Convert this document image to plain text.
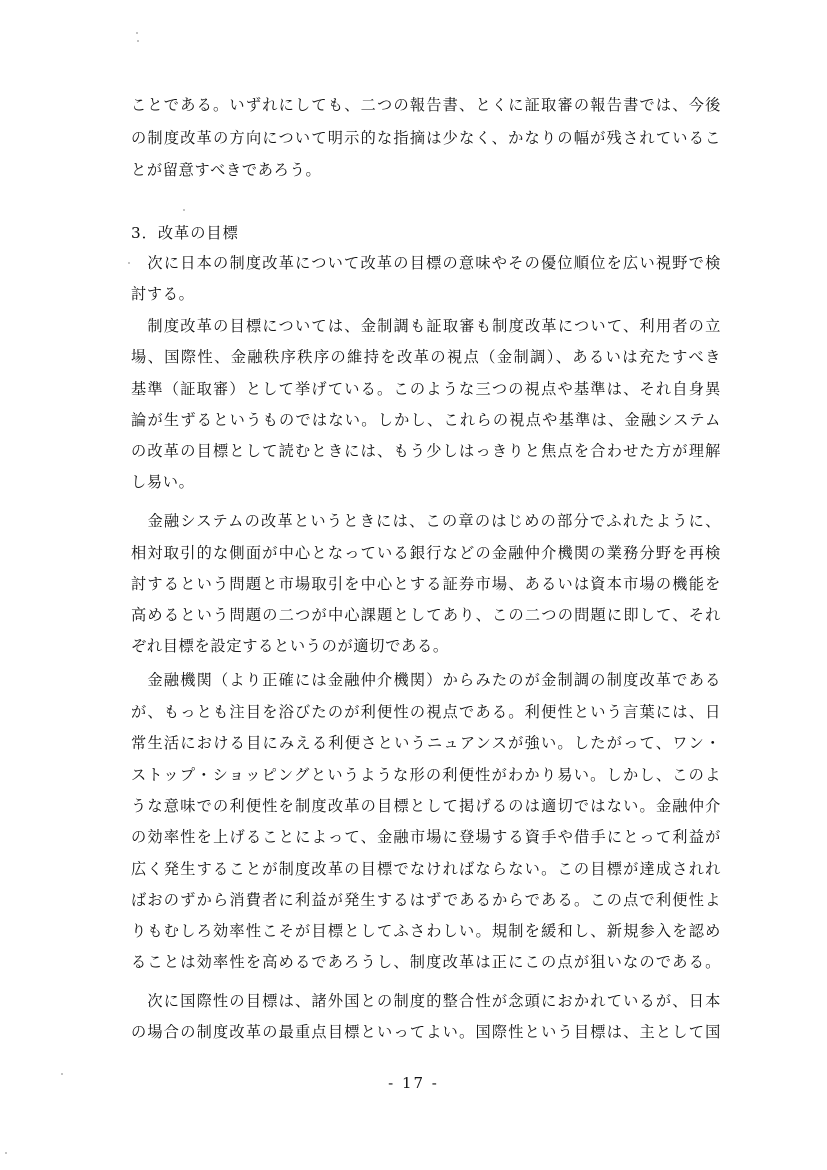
ことである。いずれにしても、二つの報告書、とくに証取審の報告書では、今後
の制度改革の方向について明示的な指摘は少なく、かなりの幅が残されているこ
とが留意すべきであろう。
3．改革の目標
　次に日本の制度改革について改革の目標の意味やその優位順位を広い視野で検
討する。
　制度改革の目標については、金制調も証取審も制度改革について、利用者の立
場、国際性、金融秩序秩序の維持を改革の視点（金制調）、あるいは充たすべき
基準（証取審）として挙げている。このような三つの視点や基準は、それ自身異
論が生ずるというものではない。しかし、これらの視点や基準は、金融システム
の改革の目標として読むときには、もう少しはっきりと焦点を合わせた方が理解
し易い。
　金融システムの改革というときには、この章のはじめの部分でふれたように、
相対取引的な側面が中心となっている銀行などの金融仲介機関の業務分野を再検
討するという問題と市場取引を中心とする証券市場、あるいは資本市場の機能を
高めるという問題の二つが中心課題としてあり、この二つの問題に即して、それ
ぞれ目標を設定するというのが適切である。
　金融機関（より正確には金融仲介機関）からみたのが金制調の制度改革である
が、もっとも注目を浴びたのが利便性の視点である。利便性という言葉には、日
常生活における目にみえる利便さというニュアンスが強い。したがって、ワン・
ストップ・ショッピングというような形の利便性がわかり易い。しかし、このよ
うな意味での利便性を制度改革の目標として掲げるのは適切ではない。金融仲介
の効率性を上げることによって、金融市場に登場する資手や借手にとって利益が
広く発生することが制度改革の目標でなければならない。この目標が達成されれ
ばおのずから消費者に利益が発生するはずであるからである。この点で利便性よ
りもむしろ効率性こそが目標としてふさわしい。規制を緩和し、新規参入を認め
ることは効率性を高めるであろうし、制度改革は正にこの点が狙いなのである。
　次に国際性の目標は、諸外国との制度的整合性が念頭におかれているが、日本
の場合の制度改革の最重点目標といってよい。国際性という目標は、主として国
- 17 -
